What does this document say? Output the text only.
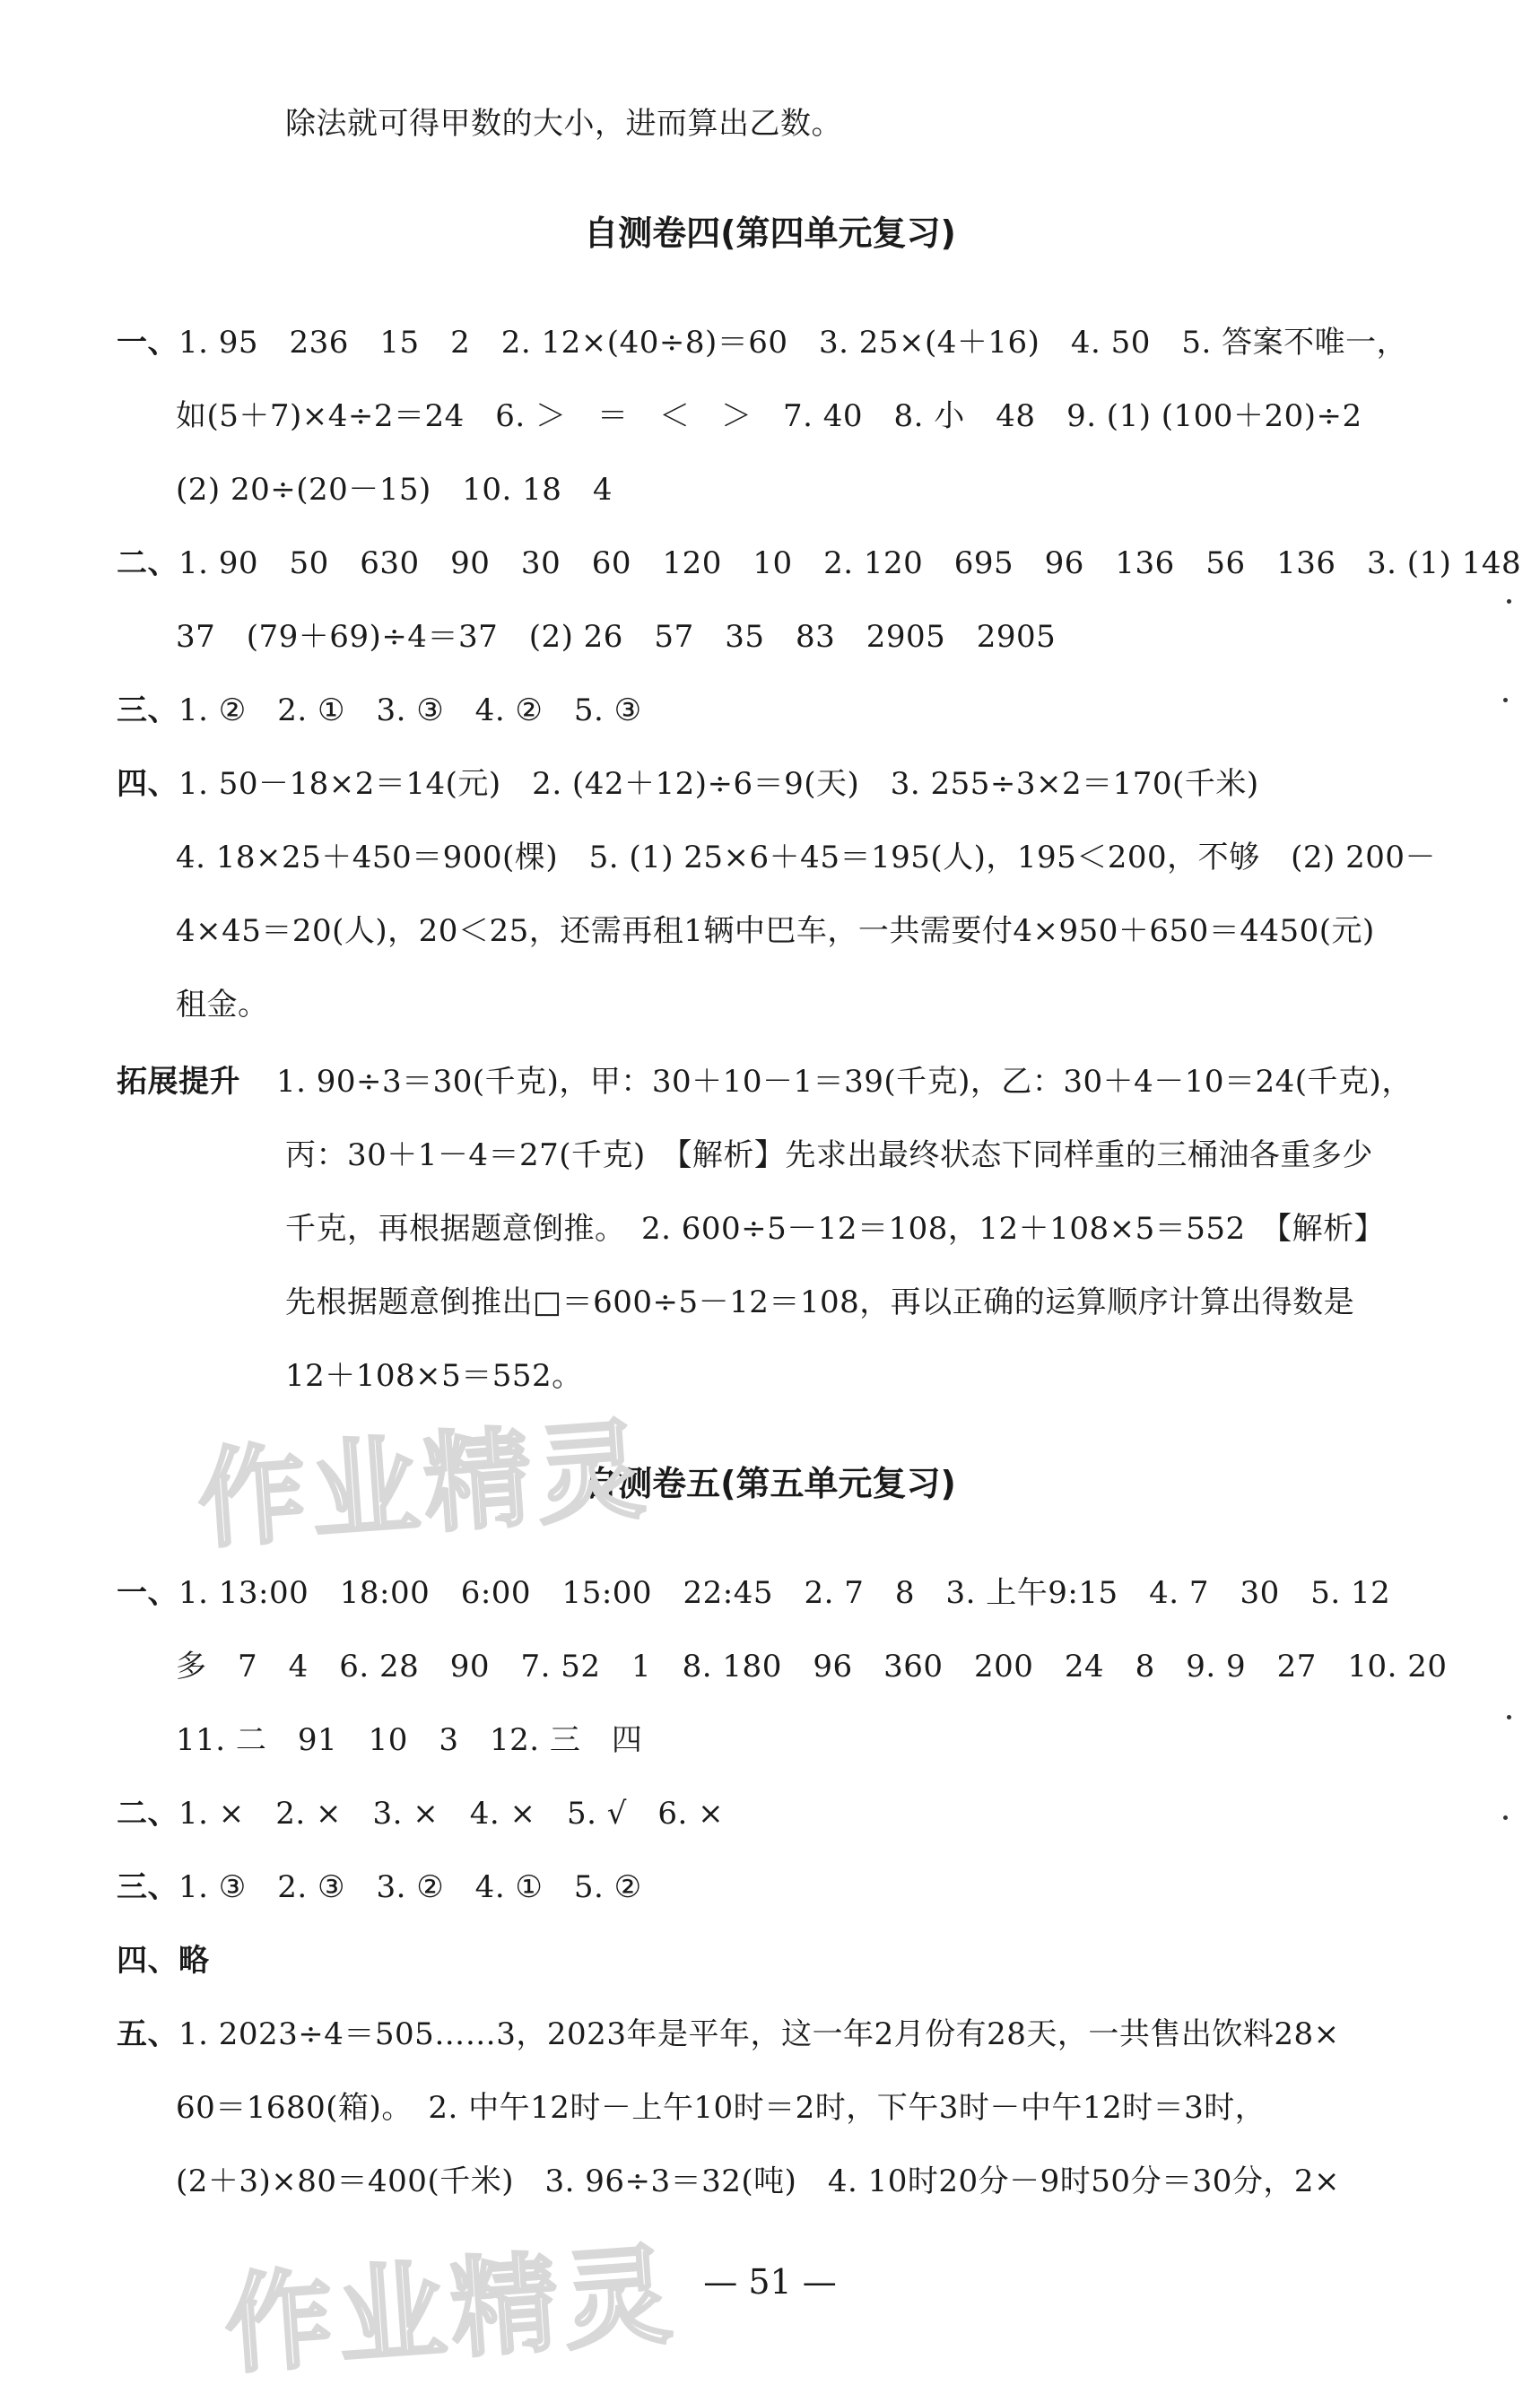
除法就可得甲数的大小，进而算出乙数。
自测卷四(第四单元复习)
一、1. 95　236　15　2　2. 12×(40÷8)＝60　3. 25×(4＋16)　4. 50　5. 答案不唯一，
如(5＋7)×4÷2＝24　6. ＞　＝　＜　＞　7. 40　8. 小　48　9. (1) (100＋20)÷2
(2) 20÷(20－15)　10. 18　4
二、1. 90　50　630　90　30　60　120　10　2. 120　695　96　136　56　136　3. (1) 148
37　(79＋69)÷4＝37　(2) 26　57　35　83　2905　2905
三、1. ②　2. ①　3. ③　4. ②　5. ③
四、1. 50－18×2＝14(元)　2. (42＋12)÷6＝9(天)　3. 255÷3×2＝170(千米)
4. 18×25＋450＝900(棵)　5. (1) 25×6＋45＝195(人)，195＜200，不够　(2) 200－
4×45＝20(人)，20＜25，还需再租1辆中巴车，一共需要付4×950＋650＝4450(元)
租金。
拓展提升 1. 90÷3＝30(千克)，甲：30＋10－1＝39(千克)，乙：30＋4－10＝24(千克)，
丙：30＋1－4＝27(千克)　【解析】先求出最终状态下同样重的三桶油各重多少
千克，再根据题意倒推。　2. 600÷5－12＝108，12＋108×5＝552　【解析】
先根据题意倒推出□＝600÷5－12＝108，再以正确的运算顺序计算出得数是
12＋108×5＝552。
自测卷五(第五单元复习)
一、1. 13:00　18:00　6:00　15:00　22:45　2. 7　8　3. 上午9:15　4. 7　30　5. 12
多　7　4　6. 28　90　7. 52　1　8. 180　96　360　200　24　8　9. 9　27　10. 20
11. 二　91　10　3　12. 三　四
二、1. ×　2. ×　3. ×　4. ×　5. √　6. ×
三、1. ③　2. ③　3. ②　4. ①　5. ②
四、略
五、1. 2023÷4＝505……3，2023年是平年，这一年2月份有28天，一共售出饮料28×
60＝1680(箱)。　2. 中午12时－上午10时＝2时，下午3时－中午12时＝3时，
(2＋3)×80＝400(千米)　3. 96÷3＝32(吨)　4. 10时20分－9时50分＝30分，2×
— 51 —
作业精灵
作业精灵
